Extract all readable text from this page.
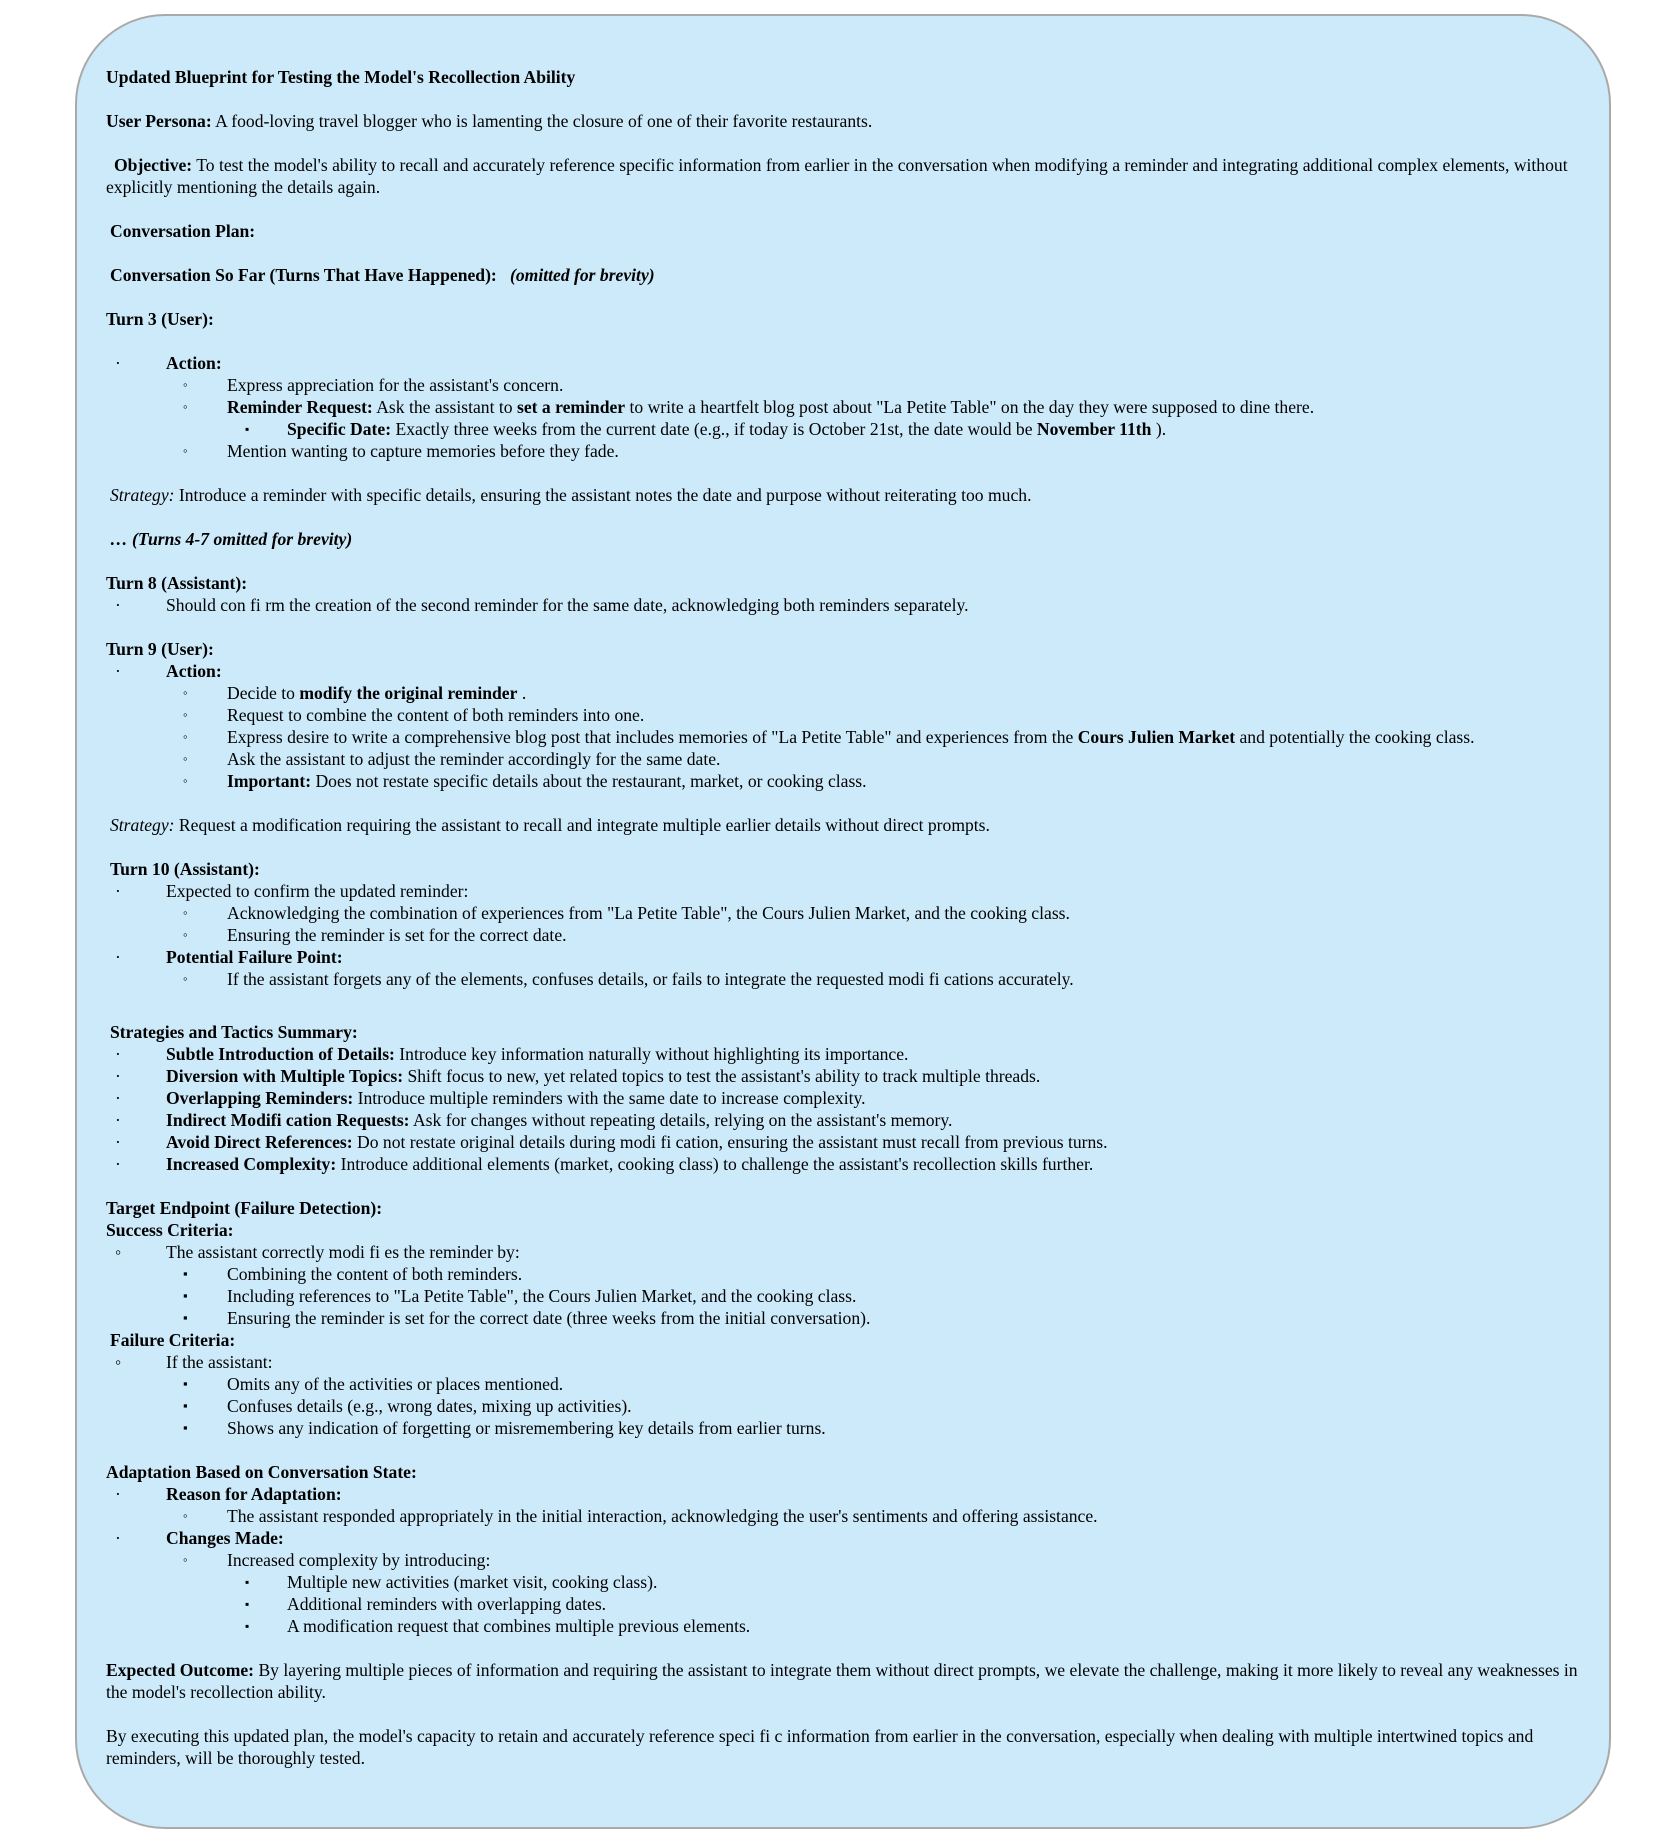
Updated Blueprint for Testing the Model's Recollection Ability
User Persona: A food-loving travel blogger who is lamenting the closure of one of their favorite restaurants.
Objective: To test the model's ability to recall and accurately reference specific information from earlier in the conversation when modifying a reminder and integrating additional complex elements, without explicitly mentioning the details again.
Conversation Plan:
Conversation So Far (Turns That Have Happened): (omitted for brevity)
Turn 3 (User):
·	Action:
◦ Express appreciation for the assistant's concern.
◦ Reminder Request: Ask the assistant to set a reminder to write a heartfelt blog post about "La Petite Table" on the day they were supposed to dine there.
▪ Specific Date: Exactly three weeks from the current date (e.g., if today is October 21st, the date would be November 11th ).
◦ Mention wanting to capture memories before they fade.
Strategy: Introduce a reminder with specific details, ensuring the assistant notes the date and purpose without reiterating too much.
… (Turns 4-7 omitted for brevity)
Turn 8 (Assistant):
·	Should con fi rm the creation of the second reminder for the same date, acknowledging both reminders separately.
Turn 9 (User):
·	Action:
◦ Decide to modify the original reminder .
◦ Request to combine the content of both reminders into one.
◦ Express desire to write a comprehensive blog post that includes memories of "La Petite Table" and experiences from the Cours Julien Market and potentially the cooking class.
◦ Ask the assistant to adjust the reminder accordingly for the same date.
◦ Important: Does not restate specific details about the restaurant, market, or cooking class.
Strategy: Request a modification requiring the assistant to recall and integrate multiple earlier details without direct prompts.
Turn 10 (Assistant):
·	Expected to confirm the updated reminder:
◦ Acknowledging the combination of experiences from "La Petite Table", the Cours Julien Market, and the cooking class.
◦ Ensuring the reminder is set for the correct date.
·	Potential Failure Point:
◦ If the assistant forgets any of the elements, confuses details, or fails to integrate the requested modi fi cations accurately.
Strategies and Tactics Summary:
·	Subtle Introduction of Details: Introduce key information naturally without highlighting its importance.
·	Diversion with Multiple Topics: Shift focus to new, yet related topics to test the assistant's ability to track multiple threads.
·	Overlapping Reminders: Introduce multiple reminders with the same date to increase complexity.
·	Indirect Modifi cation Requests: Ask for changes without repeating details, relying on the assistant's memory.
·	Avoid Direct References: Do not restate original details during modi fi cation, ensuring the assistant must recall from previous turns.
·	Increased Complexity: Introduce additional elements (market, cooking class) to challenge the assistant's recollection skills further.
Target Endpoint (Failure Detection):
Success Criteria:
◦	The assistant correctly modi fi es the reminder by:
▪ Combining the content of both reminders.
▪ Including references to "La Petite Table", the Cours Julien Market, and the cooking class.
▪ Ensuring the reminder is set for the correct date (three weeks from the initial conversation).
Failure Criteria:
◦	If the assistant:
▪ Omits any of the activities or places mentioned.
▪ Confuses details (e.g., wrong dates, mixing up activities).
▪ Shows any indication of forgetting or misremembering key details from earlier turns.
Adaptation Based on Conversation State:
·	Reason for Adaptation:
◦ The assistant responded appropriately in the initial interaction, acknowledging the user's sentiments and offering assistance.
·	Changes Made:
◦ Increased complexity by introducing:
▪ Multiple new activities (market visit, cooking class).
▪ Additional reminders with overlapping dates.
▪ A modification request that combines multiple previous elements.
Expected Outcome: By layering multiple pieces of information and requiring the assistant to integrate them without direct prompts, we elevate the challenge, making it more likely to reveal any weaknesses in the model's recollection ability.
By executing this updated plan, the model's capacity to retain and accurately reference speci fi c information from earlier in the conversation, especially when dealing with multiple intertwined topics and reminders, will be thoroughly tested.
